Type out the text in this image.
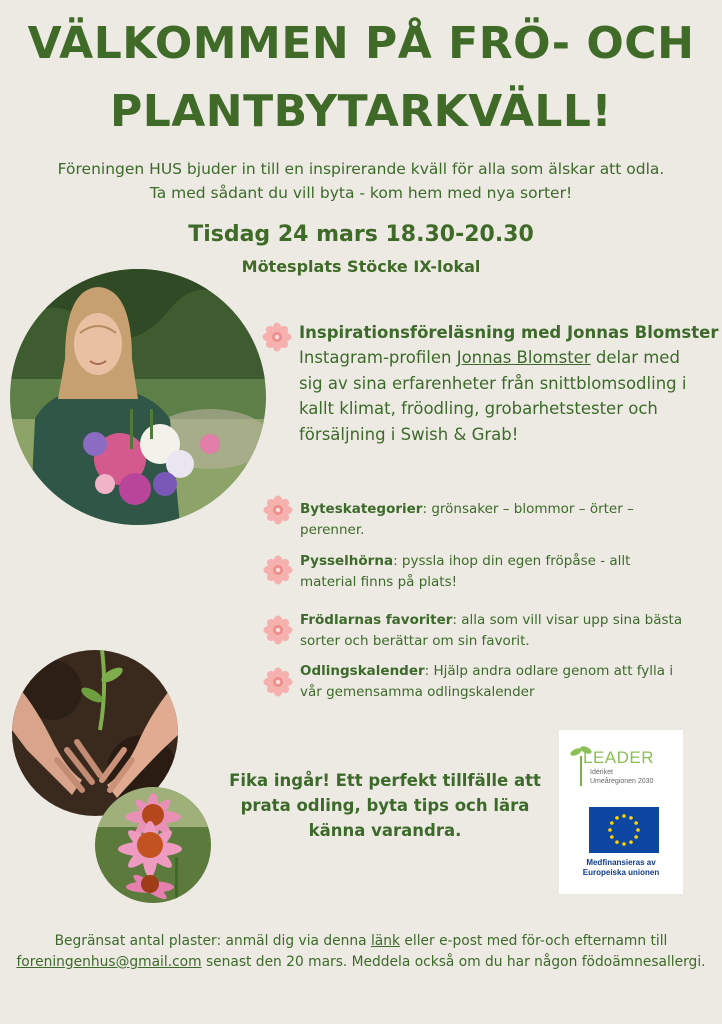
VÄLKOMMEN PÅ FRÖ- OCH
PLANTBYTARKVÄLL!
Föreningen HUS bjuder in till en inspirerande kväll för alla som älskar att odla.
Ta med sådant du vill byta - kom hem med nya sorter!
Tisdag 24 mars 18.30-20.30
Mötesplats Stöcke IX-lokal
Inspirationsföreläsning med Jonnas Blomster
Instagram-profilen Jonnas Blomster delar med
sig av sina erfarenheter från snittblomsodling i
kallt klimat, fröodling, grobarhetstester och
försäljning i Swish & Grab!
Byteskategorier: grönsaker – blommor – örter –
perenner.
Pysselhörna: pyssla ihop din egen fröpåse - allt
material finns på plats!
Frödlarnas favoriter: alla som vill visar upp sina bästa
sorter och berättar om sin favorit.
Odlingskalender: Hjälp andra odlare genom att fylla i
vår gemensamma odlingskalender
Fika ingår! Ett perfekt tillfälle att
prata odling, byta tips och lära
känna varandra.
LEADER
Idériket
Umeåregionen 2030
Medfinansieras av
Europeiska unionen
Begränsat antal plaster: anmäl dig via denna länk eller e-post med för-och efternamn till
foreningenhus@gmail.com senast den 20 mars. Meddela också om du har någon födoämnesallergi.
